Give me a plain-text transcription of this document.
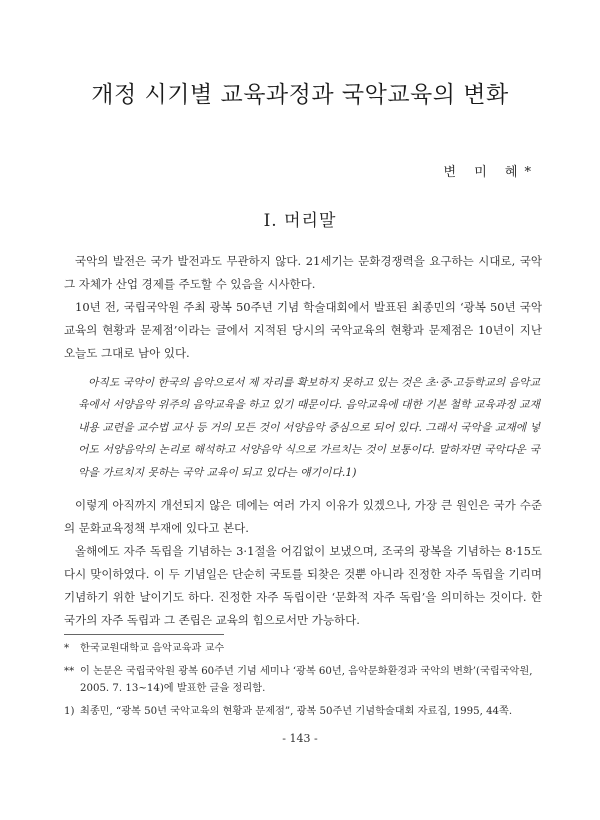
개정 시기별 교육과정과 국악교육의 변화
변 미 혜*
Ⅰ. 머리말

국악의 발전은 국가 발전과도 무관하지 않다. 21세기는 문화경쟁력을 요구하는 시대로, 국악 그 자체가 산업 경제를 주도할 수 있음을 시사한다.

10년 전, 국립국악원 주최 광복 50주년 기념 학술대회에서 발표된 최종민의 ‘광복 50년 국악교육의 현황과 문제점’이라는 글에서 지적된 당시의 국악교육의 현황과 문제점은 10년이 지난 오늘도 그대로 남아 있다.

아직도 국악이 한국의 음악으로서 제 자리를 확보하지 못하고 있는 것은 초·중·고등학교의 음악교육에서 서양음악 위주의 음악교육을 하고 있기 때문이다. 음악교육에 대한 기본 철학 교육과정 교재 내용 교련을 교수법 교사 등 거의 모든 것이 서양음악 중심으로 되어 있다. 그래서 국악을 교재에 넣어도 서양음악의 논리로 해석하고 서양음악 식으로 가르치는 것이 보통이다. 말하자면 국악다운 국악을 가르치지 못하는 국악 교육이 되고 있다는 얘기이다.1)

이렇게 아직까지 개선되지 않은 데에는 여러 가지 이유가 있겠으나, 가장 큰 원인은 국가 수준의 문화교육정책 부재에 있다고 본다.

올해에도 자주 독립을 기념하는 3·1절을 어김없이 보냈으며, 조국의 광복을 기념하는 8·15도 다시 맞이하였다. 이 두 기념일은 단순히 국토를 되찾은 것뿐 아니라 진정한 자주 독립을 기리며 기념하기 위한 날이기도 하다. 진정한 자주 독립이란 ‘문화적 자주 독립’을 의미하는 것이다. 한 국가의 자주 독립과 그 존립은 교육의 힘으로서만 가능하다.

*	한국교원대학교 음악교육과 교수
** 이 논문은 국립국악원 광복 60주년 기념 세미나 ‘광복 60년, 음악문화환경과 국악의 변화’(국립국악원, 2005. 7. 13~14)에 발표한 글을 정리함.
1) 최종민, “광복 50년 국악교육의 현황과 문제점”, 광복 50주년 기념학술대회 자료집, 1995, 44쪽.
- 143 -
